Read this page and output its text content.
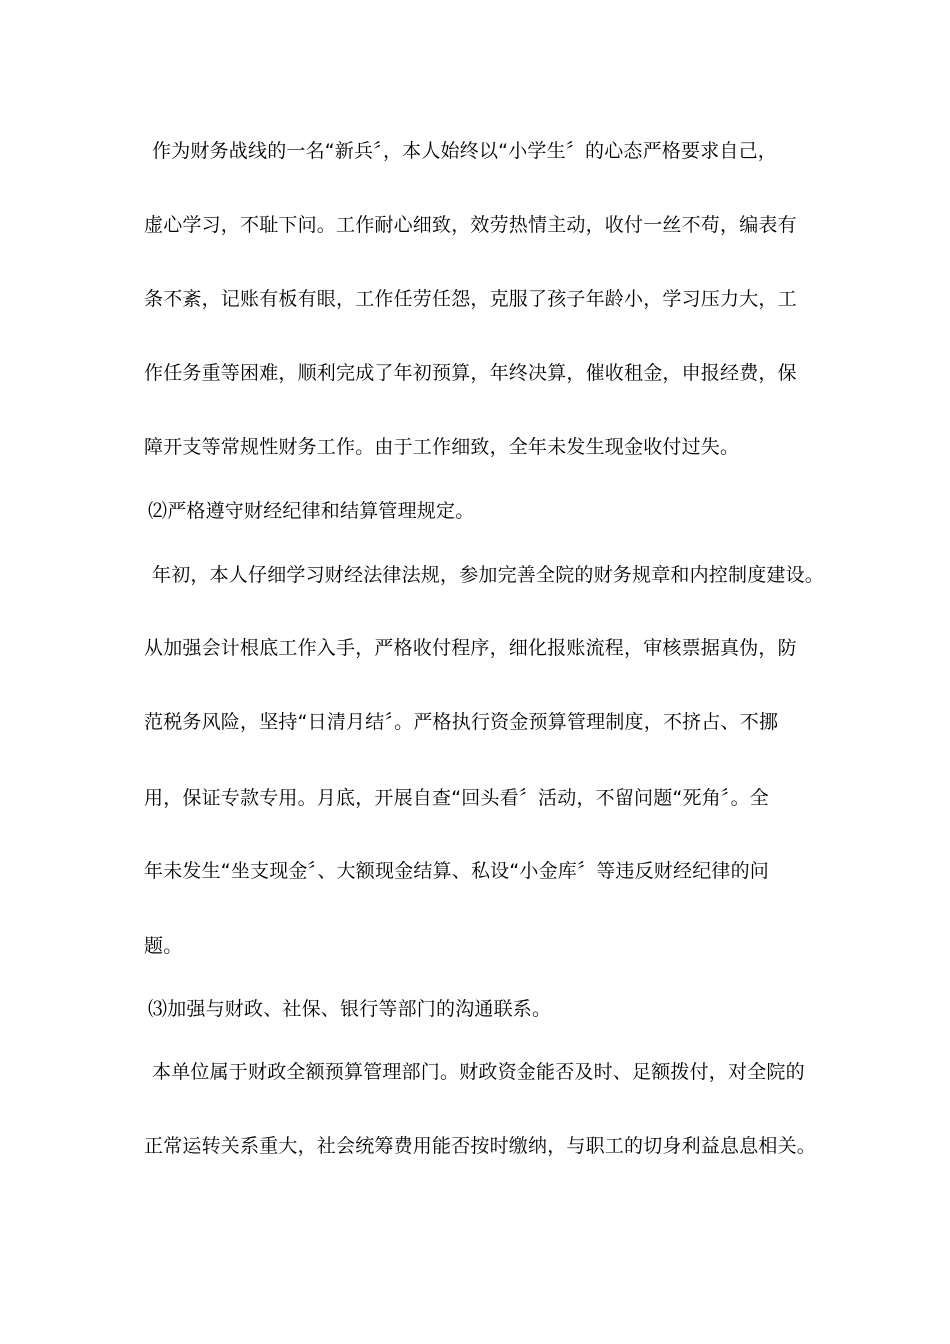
作为财务战线的一名“新兵〞，本人始终以“小学生〞的心态严格要求自己，
虚心学习，不耻下问。工作耐心细致，效劳热情主动，收付一丝不苟，编表有
条不紊，记账有板有眼，工作任劳任怨，克服了孩子年龄小，学习压力大，工
作任务重等困难，顺利完成了年初预算，年终决算，催收租金，申报经费，保
障开支等常规性财务工作。由于工作细致，全年未发生现金收付过失。
⑵严格遵守财经纪律和结算管理规定。
年初，本人仔细学习财经法律法规，参加完善全院的财务规章和内控制度建设。
从加强会计根底工作入手，严格收付程序，细化报账流程，审核票据真伪，防
范税务风险，坚持“日清月结〞。严格执行资金预算管理制度，不挤占、不挪
用，保证专款专用。月底，开展自查“回头看〞活动，不留问题“死角〞。全
年未发生“坐支现金〞、大额现金结算、私设“小金库〞等违反财经纪律的问
题。
⑶加强与财政、社保、银行等部门的沟通联系。
本单位属于财政全额预算管理部门。财政资金能否及时、足额拨付，对全院的
正常运转关系重大，社会统筹费用能否按时缴纳，与职工的切身利益息息相关。
